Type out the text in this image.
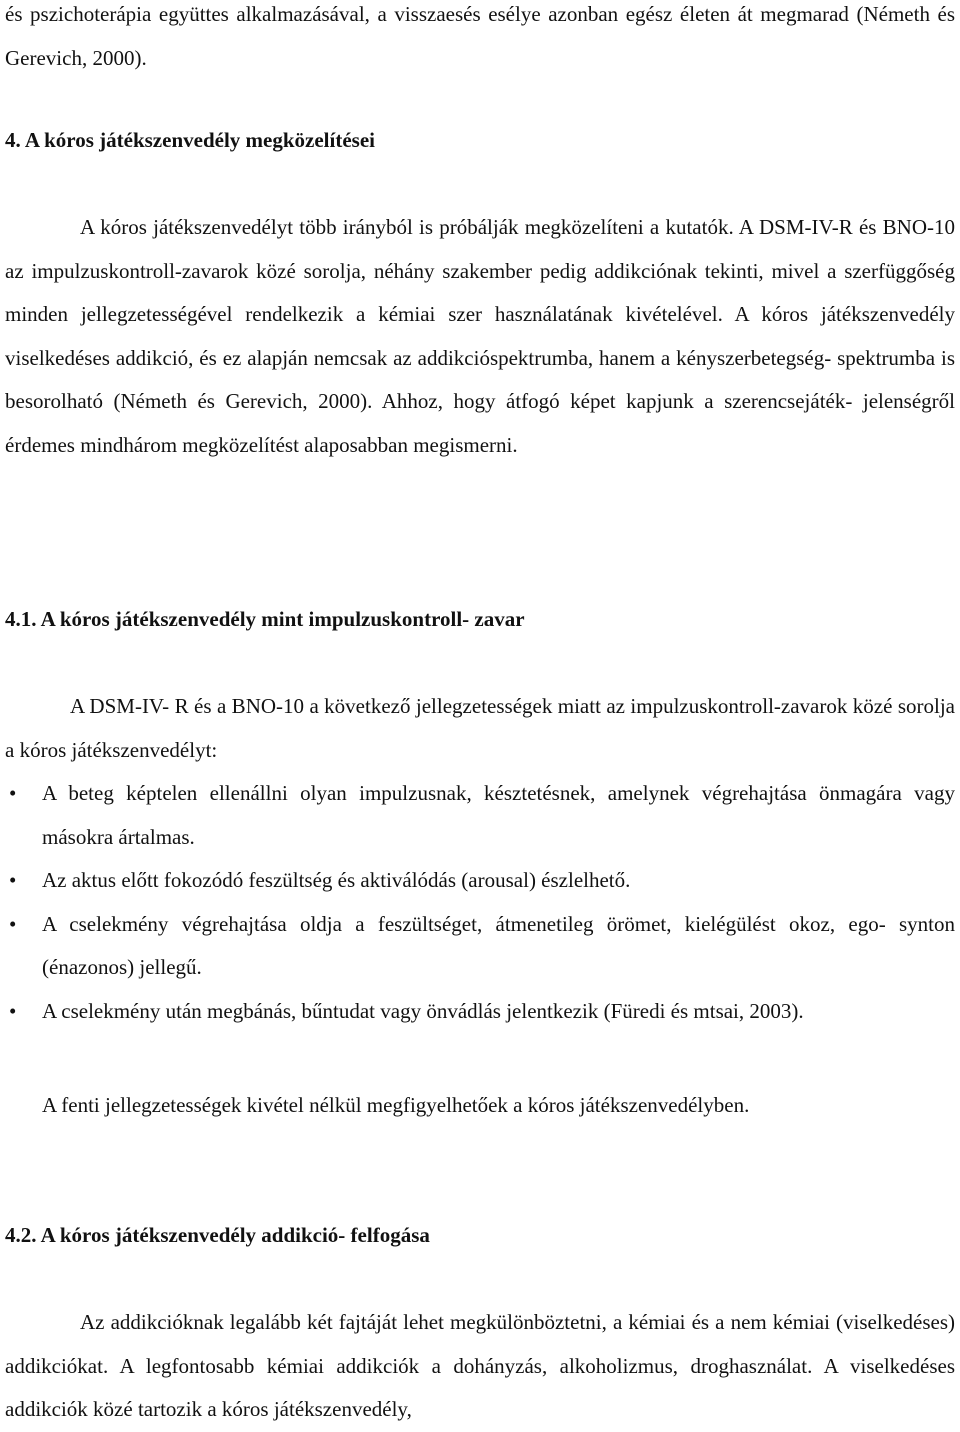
és pszichoterápia együttes alkalmazásával, a visszaesés esélye azonban egész életen át megmarad (Németh és Gerevich, 2000).

4. A kóros játékszenvedély megközelítései

A kóros játékszenvedélyt több irányból is próbálják megközelíteni a kutatók. A DSM-IV-R és BNO-10 az impulzuskontroll-zavarok közé sorolja, néhány szakember pedig addikciónak tekinti, mivel a szerfüggőség minden jellegzetességével rendelkezik a kémiai szer használatának kivételével. A kóros játékszenvedély viselkedéses addikció, és ez alapján nemcsak az addikcióspektrumba, hanem a kényszerbetegség- spektrumba is besorolható (Németh és Gerevich, 2000). Ahhoz, hogy átfogó képet kapjunk a szerencsejáték- jelenségről érdemes mindhárom megközelítést alaposabban megismerni.

4.1. A kóros játékszenvedély mint impulzuskontroll- zavar

A DSM-IV- R és a BNO-10 a következő jellegzetességek miatt az impulzuskontroll-zavarok közé sorolja a kóros játékszenvedélyt:

• A beteg képtelen ellenállni olyan impulzusnak, késztetésnek, amelynek végrehajtása önmagára vagy másokra ártalmas.
• Az aktus előtt fokozódó feszültség és aktiválódás (arousal) észlelhető.
• A cselekmény végrehajtása oldja a feszültséget, átmenetileg örömet, kielégülést okoz, ego- synton (énazonos) jellegű.
• A cselekmény után megbánás, bűntudat vagy önvádlás jelentkezik (Füredi és mtsai, 2003).

A fenti jellegzetességek kivétel nélkül megfigyelhetőek a kóros játékszenvedélyben.

4.2. A kóros játékszenvedély addikció- felfogása

Az addikcióknak legalább két fajtáját lehet megkülönböztetni, a kémiai és a nem kémiai (viselkedéses) addikciókat. A legfontosabb kémiai addikciók a dohányzás, alkoholizmus, droghasználat. A viselkedéses addikciók közé tartozik a kóros játékszenvedély,
